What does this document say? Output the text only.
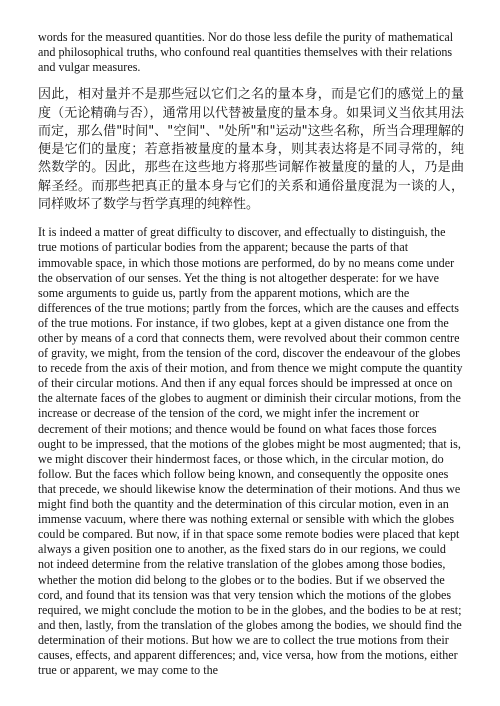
words for the measured quantities. Nor do those less defile the purity of mathematical and philosophical truths, who confound real quantities themselves with their relations and vulgar measures.

因此，相对量并不是那些冠以它们之名的量本身，而是它们的感觉上的量度（无论精确与否），通常用以代替被量度的量本身。如果词义当依其用法而定，那么借"时间"、"空间"、"处所"和"运动"这些名称，所当合理理解的便是它们的量度；若意指被量度的量本身，则其表达将是不同寻常的，纯然数学的。因此，那些在这些地方将那些词解作被量度的量的人，乃是曲解圣经。而那些把真正的量本身与它们的关系和通俗量度混为一谈的人，同样败坏了数学与哲学真理的纯粹性。

It is indeed a matter of great difficulty to discover, and effectually to distinguish, the true motions of particular bodies from the apparent; because the parts of that immovable space, in which those motions are performed, do by no means come under the observation of our senses. Yet the thing is not altogether desperate: for we have some arguments to guide us, partly from the apparent motions, which are the differences of the true motions; partly from the forces, which are the causes and effects of the true motions. For instance, if two globes, kept at a given distance one from the other by means of a cord that connects them, were revolved about their common centre of gravity, we might, from the tension of the cord, discover the endeavour of the globes to recede from the axis of their motion, and from thence we might compute the quantity of their circular motions. And then if any equal forces should be impressed at once on the alternate faces of the globes to augment or diminish their circular motions, from the increase or decrease of the tension of the cord, we might infer the increment or decrement of their motions; and thence would be found on what faces those forces ought to be impressed, that the motions of the globes might be most augmented; that is, we might discover their hindermost faces, or those which, in the circular motion, do follow. But the faces which follow being known, and consequently the opposite ones that precede, we should likewise know the determination of their motions. And thus we might find both the quantity and the determination of this circular motion, even in an immense vacuum, where there was nothing external or sensible with which the globes could be compared. But now, if in that space some remote bodies were placed that kept always a given position one to another, as the fixed stars do in our regions, we could not indeed determine from the relative translation of the globes among those bodies, whether the motion did belong to the globes or to the bodies. But if we observed the cord, and found that its tension was that very tension which the motions of the globes required, we might conclude the motion to be in the globes, and the bodies to be at rest; and then, lastly, from the translation of the globes among the bodies, we should find the determination of their motions. But how we are to collect the true motions from their causes, effects, and apparent differences; and, vice versa, how from the motions, either true or apparent, we may come to the
